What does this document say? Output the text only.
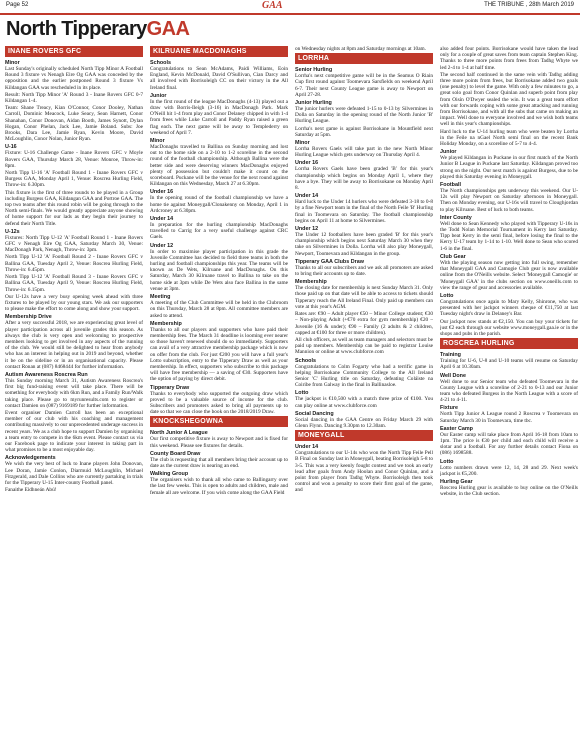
Page 52	GAA	THE TRIBUNE , 28th March 2019
North TipperaryGAA
INANE ROVERS GFC
Minor
Last Sunday's originally scheduled North Tipp Minor A Football Round 3 fixture vs Nenagh Eire Og GAA was conceded by the opposition and the earlier postponed Round 3 fixture Vs Kildangan GAA was rescheduled in its place.
Result: North Tipp Minor 'A' Round 3 - Inane Rovers GFC 0-7 Kildangan 1-4.
Team: Shane Treacy, Kian O'Connor, Conor Dooley, Nathan Carroll, Dominic Meacock, Luke Seacy, Sean Harnett, Conor Shanahan, Conor Donovan, Aidan Booth, James Synott, Dylan Hogan, Conor Phelan, Jack Lee, Jamie Boland. Subs: Joe Brooks, Dara Lee, Jamie Ryan, Kevin Moore, David McLoughlin, Conor Nolan, Junior Ryan.
U-16
Fixture: U-16 Challenge Game - Inane Rovers GFC v Moyle Rovers GAA, Thursday March 28, Venue: Monroe, Throw-in: 8pm.
North Tipp U-16 'A' Football Round 1 - Inane Rovers GFC v Burgess GAA, Monday April 1, Venue: Roscrea Hurling Field, Throw-in: 6.30pm.
This fixture is the first of three rounds to be played in a Group including Burgess GAA, Kildangan GAA and Portroe GAA. The top two teams after this round robin will be going through to the North semi-finals. We would greatly appreciate anyone showing of home support for our lads as they begin their journey to defend their North Title.
U-12s
Fixtures: North Tipp U-12 'A' Football Round 1 - Inane Rovers GFC v Nenagh Eire Og GAA, Saturday March 30, Venue: MacDonagh Park, Nenagh, Throw-in: 3pm.
North Tipp U-12 'A' Football Round 2 - Inane Rovers GFC v Ballina GAA, Tuesday April 2, Venue: Roscrea Hurling Field, Throw-in: 6.45pm.
North Tipp U-12 'A' Football Round 3 - Inane Rovers GFC v Ballina GAA, Tuesday April 9, Venue: Roscrea Hurling Field, Throw-in: 6.15pm.
Our U-12s have a very busy opening week ahead with three fixtures to be played by our young stars. We ask our supporters to please make the effort to come along and show your support.
Membership Drive
After a very successful 2018, we are experiencing great level of player participation across all juvenile grades this season. As always the club is very open and welcoming to prospective members looking to get involved in any aspects of the running of the club. We would still be delighted to hear from anybody who has an interest in helping out in 2019 and beyond, whether it be on the sideline or in an organisational capacity. Please contact Ronan at (087) 8468444 for further information.
Autism Awareness Roscrea Run
This Sunday morning March 31, Autism Awareness Roscrea's first big fund-raising event will take place. There will be something for everybody with 6km Run, and a Family Run/Walk taking place. Please go to myrunresults.com to register or contact Damien on (087) 9169189 for further information.
Event organiser Damien Carroll has been an exceptional member of our club with his coaching and management contributing massively to our unprecedented underage success in recent years. We as a club hope to support Damien by organising a team entry to compete in the 6km event. Please contact us via our Facebook page to indicate your interest in taking part in what promises to be a most enjoyable day.
Acknowledgements
We wish the very best of luck to Inane players John Donovan, Lee Doran, Jamie Conlon, Diarmuid McLoughlin, Michael Fitzgerald, and Dale Collins who are currently partaking in trials for the Tipperary U-15 Inter-county Football panel.
Fanaithe Eidhneán Abú!
KILRUANE MACDONAGHS
Schools
Congratulations to Sean McAdams, Paidi Williams, Eoin England, Kevin McDonald, David O'Sullivan, Cian Darcy and all involved with Borrisoleigh CC on their victory in the All Ireland final.
Junior
In the first round of the league MacDonaghs (4-13) played out a draw with Borris-Ileigh (3-16) in MacDonagh Park. Mark O'Neill hit 1-4 from play and Conor Delaney chipped in with 1-4 from frees while Luke Carroll and Paddy Ryan raised a green flag each. The next game will be away to Templederry on weekend of April 7.
Minor
MacDonaghs travelled to Ballina on Sunday morning and lost out to the home side on a 2-10 to 1-2 scoreline in the second round of the football championship. Although Ballina were the better side and were deserving winners MacDonaghs enjoyed plenty of possession but couldn't make it count on the scoreboard. Puckane will be the venue for the next round against Kildangan on this Wednesday, March 27 at 6.30pm.
Under 16
In the opening round of the football championship we have a home tie against Moneygall/Clonakenny on Monday, April 1 in Ardcroney at 6.30pm.
Under 14
In preparation for the hurling championship MacDonaghs travelled to Carrig for a very useful challenge against CRC Gaels.
Under 12
In order to maximise player participation in this grade the Juvenile Committee has decided to field three teams in both the hurling and football championships this year. The teams will be known as De Wets, Kilruane and MacDonaghs. On this Saturday, March 30 Kilruane travel to Ballina to take on the home side at 3pm while De Wets also face Ballina in the same venue at 3pm.
Meeting
A meeting of the Club Committee will be held in the Clubroom on this Thursday, March 28 at 8pm. All committee members are asked to attend.
Membership
Thanks to all our players and supporters who have paid their membership fees. The March 31 deadline is looming ever nearer so those haven't renewed should do so immediately. Supporters can avail of a very attractive membership package which is now on offer from the club. For just €200 you will have a full year's Lotto subscription, entry to the Tipperary Draw as well as your membership. In effect, supporters who subscribe to this package will have free membership — a saving of €30. Supporters have the option of paying by direct debit.
Tipperary Draw
Thanks to everybody who supported the outgoing draw which proved to be a valuable source of income for the club. Subscribers and promoters asked to bring all payments up to date so that we can close the book on the 2018/2019 Draw.
KNOCKSHEGOWNA
North Junior A League
Our first competitive fixture is away to Newport and is fixed for this weekend. Please see fixtures for details.
County Board Draw
The club is requesting that all members bring their account up to date as the current draw is nearing an end.
Walking Group
The organisers wish to thank all who came to Ballingarry over the last few weeks. This is open to adults and children, male and female all are welcome. If you wish come along the GAA Field
on Wednesday nights at 8pm and Saturday mornings at 10am.
LORRHA
Senior Hurling
Lorrha's next competitive game will be in the Seamus O Riain Cup first round against Toomevara Sarsfields on weekend April 6-7. Their next County League game is away to Newport on April 27-28.
Junior Hurling
The junior hurlers were defeated 1-15 to 0-13 by Silvermines in Dolla on Saturday in the opening round of the North Junior 'B' Hurling League.
Lorrha's next game is against Borrisokane in Mountfield next Saturday at 5pm.
Minor
Lorrha Rovers Gaels will take part in the new North Minor Hurling League which gets underway on Thursday April 4.
Under 16
Lorrha Rovers Gaels have been graded 'B' for this year's championship which begins on Monday April 1, where they have a bye. They will be away to Borrisokane on Monday April 8.
Under 14
Hard luck to the Under 14 hurlers who were defeated 3-18 to 0-8 by a fine Newport team in the final of the North Feile 'B' Hurling final in Toomevara on Saturday. The football championship begins on April 11 at home to Silvermines.
Under 12
The Under 12 footballers have been graded 'B' for this year's championship which begins next Saturday March 30 when they take on Silvermines in Dolla. Lorrha will also play Moneygall, Newport, Toomevara and Kildangan in the group.
Tipperary GAA Clubs Draw
Thanks to all our subscribers and we ask all promoters are asked to bring their accounts up to date.
Membership
The closing date for membership is next Sunday March 31. Only those paid up on that date will be able to access to tickets should Tipperary reach the All Ireland Final. Only paid up members can vote at this year's AGM.
Rates are: €90 – Adult player €50 – Minor College student; €30 – Non-playing Adult (+€70 extra for gym membership) €20 – Juvenile (16 & under); €90 – Family (2 adults & 2 children, capped at €100 for three or more children).
All club officers, as well as team managers and selectors must be paid up members. Membership can be paid to registrar Louise Mannion or online at www.clubforce.com
Schools
Congratulations to Colm Fogarty who had a terrific game in helping Borrisokane Community College to the All Ireland Senior 'C' Hurling title on Saturday, defeating Coláiste na Coiribe from Galway in the final in Ballinasloe.
Lotto
The jackpot is €10,500 with a match three prize of €100. You can play online at www.clubforce.com
Social Dancing
Social dancing in the GAA Centre on Friday March 29 with Glenn Flynn. Dancing 9.30pm to 12.30am.
MONEYGALL
Under 14
Congratulations to our U-14s who won the North Tipp Feile Pell B Final on Sunday last in Moneygall, beating Borrisoleigh 5-8 to 3-5. This was a very keenly fought contest and we took an early lead after goals from Andy Hoolan and Conor Quinlan, and a point from player from Tadhg Whyte. Borrisoleigh then took control and won a penalty to score their first goal of the game, and
also added four points. Borrisokane would have taken the lead only for a couple of great saves from team captain Stephen King. Thanks to three more points from frees from Tadhg Whyte we led 2-4 to 1-4 at half time.
The second half continued in the same vein with Tadhg adding three more points from frees, but Borrisokane added two goals (one penalty) to level the game. With only a few minutes to go, a great solo goal from Conor Quinlan and superb point from play from Oisín O'Dwyer sealed the win. It was a great team effort with our forwards coping with some great attacking and running from Borrisokane, and with all the subs that came on making an impact. Well done to everyone involved and we wish both teams well in this year's championships.
Hard luck to the U-14 hurling team who were beaten by Lorrha in the Feile na nGael North semi final on the recent Bank Holiday Monday, on a scoreline of 5-7 to 4-4.
Junior
We played Kildangan in Puckane in our first match of the North Junior B League in Puckane last Saturday. Kildangan proved too strong on the night. Our next match is against Burgess, due to be played this Saturday evening in Moneygall.
Football
The North championships gets underway this weekend. Our U-12s will play Newport on Saturday afternoon in Moneygall. Then on Monday evening, our U-16s will travel to Cloughjordan to play Kilruane. Best of luck to both teams.
Inter County
Well done to Sean Kennedy who played with Tipperary U-16s in the Todd Nolan Memorial Tournament in Kerry last Saturday. Tipp beat Kerry in the semi final, before losing the final to the Kerry U-17 team by 1-14 to 1-10. Well done to Sean who scored 1-6 in the final.
Club Gear
With the playing season now getting into full swing, remember that Moneygall GAA and Camogie Club gear is now available online from the O'Neills website. Select 'Moneygall Camogie' or 'Moneygall GAA' in the clubs section on www.oneills.com to view the range of gear and accessories available.
Lotto
Congratulations once again to Mary Kelly, Shinrone, who was presented with her jackpot winners cheque of €11,750 at last Tuesday night's draw in Delaney's Bar.
Our jackpot now stands at €2,150. You can buy your tickets for just €2 each through our website www.moneygall.gaa.ie or in the shops and pubs in the parish.
ROSCREA HURLING
Training
Training for U-6, U-8 and U-10 teams will resume on Saturday April 6 at 10.30am.
Well Done
Well done to our Senior team who defeated Toomevara in the County League with a scoreline of 2-21 to 0-13 and our Junior team who defeated Burgess in the North League with a score of 4-21 to 4-11.
Fixture
North Tipp Junior A League round 2 Roscrea v Toomevara on Saturday March 30 in Toomevara, time tbc.
Easter Camp
Our Easter camp will take place from April 16-18 from 10am to 1pm. The price is €30 per child and each child will receive a slotar and a football. For any further details contact Fiona on (086) 1698588.
Lotto
Lotto numbers drawn were 12, 14, 28 and 29. Next week's jackpot is €5,200.
Hurling Gear
Roscrea Hurling gear is available to buy online on the O'Neills website, in the Club section.
